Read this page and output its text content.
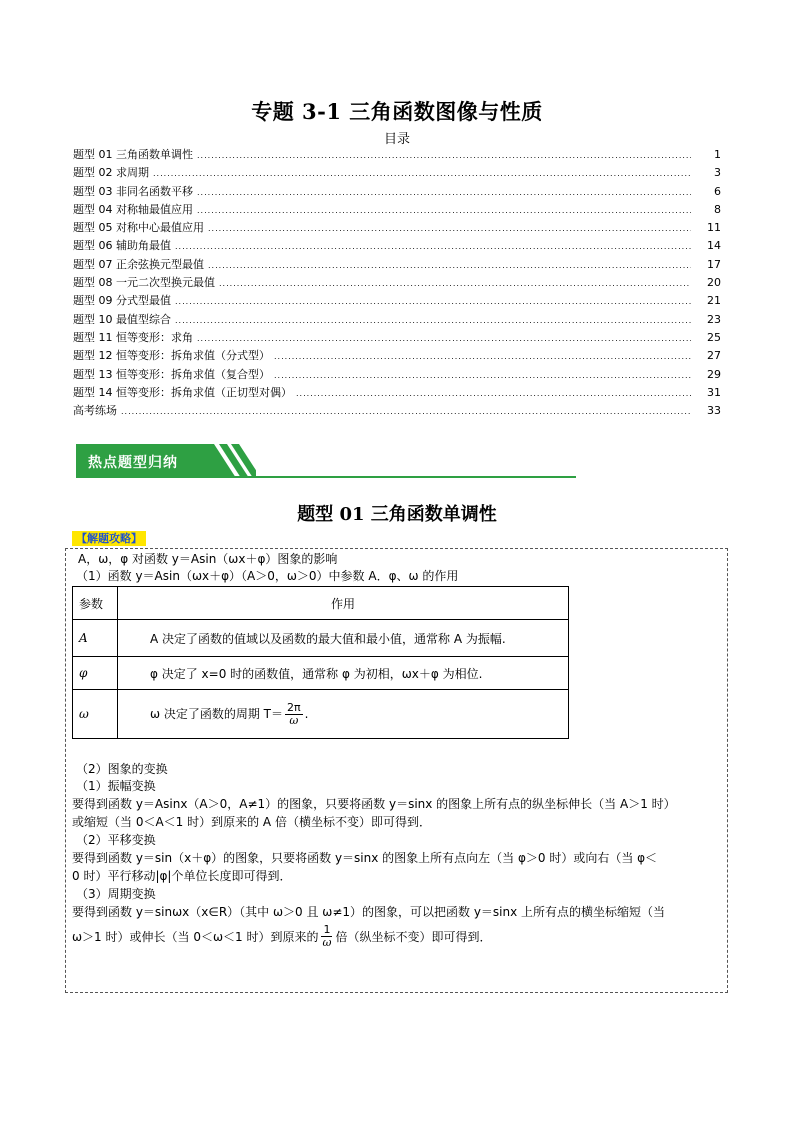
专题 3-1 三角函数图像与性质
目录
题型 01 三角函数单调性 .....	1
题型 02 求周期 .....	3
题型 03 非同名函数平移 .....	6
题型 04 对称轴最值应用 .....	8
题型 05 对称中心最值应用 .....	11
题型 06 辅助角最值 .....	14
题型 07 正余弦换元型最值 .....	17
题型 08 一元二次型换元最值 .....	20
题型 09 分式型最值 .....	21
题型 10 最值型综合 .....	23
题型 11 恒等变形：求角 .....	25
题型 12 恒等变形：拆角求值（分式型） .....	27
题型 13 恒等变形：拆角求值（复合型） .....	29
题型 14 恒等变形：拆角求值（正切型对偶） .....	31
高考练场 .....	33
热点题型归纳
题型 01 三角函数单调性
【解题攻略】
A，ω，φ 对函数 y＝Asin（ωx＋φ）图象的影响
（1）函数 y＝Asin（ωx＋φ）（A＞0，ω＞0）中参数 A．φ、ω 的作用
参数	作用
A	A 决定了函数的值域以及函数的最大值和最小值，通常称 A 为振幅.
φ	φ 决定了 x=0 时的函数值，通常称 φ 为初相，ωx＋φ 为相位.
ω	ω 决定了函数的周期 $T= \frac{2\pi}{\omega}$ .
（2）图象的变换
（1）振幅变换
要得到函数 y＝Asinx（A＞0，A≠1）的图象，只要将函数 y＝sinx 的图象上所有点的纵坐标伸长（当 A＞1 时）
或缩短（当 0＜A＜1 时）到原来的 A 倍（横坐标不变）即可得到．
（2）平移变换
要得到函数 y＝sin（x＋φ）的图象，只要将函数 y＝sinx 的图象上所有点向左（当 φ＞0 时）或向右（当 φ＜
0 时）平行移动|φ|个单位长度即可得到．
（3）周期变换
要得到函数 y＝sinωx（x∈R）（其中 ω＞0 且 ω≠1）的图象，可以把函数 y＝sinx 上所有点的横坐标缩短（当
ω＞1 时）或伸长（当 0＜ω＜1 时）到原来的 $\frac{1}{\omega}$ 倍（纵坐标不变）即可得到．
